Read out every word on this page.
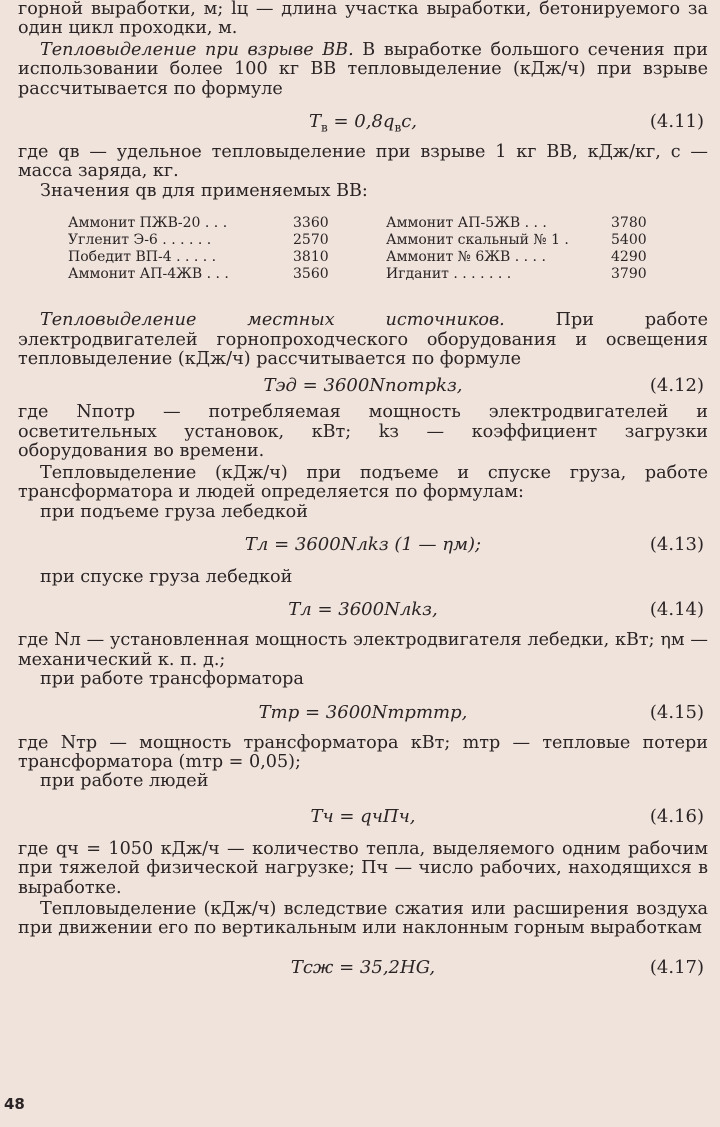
горной выработки, м; lц — длина участка выработки, бетонируемого за один цикл проходки, м.

Тепловыделение при взрыве ВВ. В выработке большого сечения при использовании более 100 кг ВВ тепловыделение (кДж/ч) при взрыве рассчитывается по формуле

$T_в = 0,8q_вc$,	(4.11)

где qв — удельное тепловыделение при взрыве 1 кг ВВ, кДж/кг, c — масса заряда, кг.

Значения qв для применяемых ВВ:

Аммонит ПЖВ-20 . . .	3360
Угленит Э-6 . . . . . .	2570
Победит ВП-4 . . . . .	3810
Аммонит АП-4ЖВ . . .	3560
Аммонит АП-5ЖВ . . .	3780
Аммонит скальный № 1 .	5400
Аммонит № 6ЖВ . . . .	4290
Игданит . . . . . . .	3790

Тепловыделение местных источников. При работе электродвигателей горнопроходческого оборудования и освещения тепловыделение (кДж/ч) рассчитывается по формуле

Tэд = 3600Nпотрkз,	(4.12)

где Nпотр — потребляемая мощность электродвигателей и осветительных установок, кВт; kз — коэффициент загрузки оборудования во времени.

Тепловыделение (кДж/ч) при подъеме и спуске груза, работе трансформатора и людей определяется по формулам:

при подъеме груза лебедкой

Tл = 3600Nлkз (1 — ηм);	(4.13)

при спуске груза лебедкой

Tл = 3600Nлkз,	(4.14)

где Nл — установленная мощность электродвигателя лебедки, кВт; ηм — механический к. п. д.;

при работе трансформатора

Tтр = 3600Nтрmтр,	(4.15)

где Nтр — мощность трансформатора кВт; mтр — тепловые потери трансформатора (mтр = 0,05);

при работе людей

Tч = qчПч,	(4.16)

где qч = 1050 кДж/ч — количество тепла, выделяемого одним рабочим при тяжелой физической нагрузке; Пч — число рабочих, находящихся в выработке.

Тепловыделение (кДж/ч) вследствие сжатия или расширения воздуха при движении его по вертикальным или наклонным горным выработкам

Tсж = 35,2HG,	(4.17)
48
